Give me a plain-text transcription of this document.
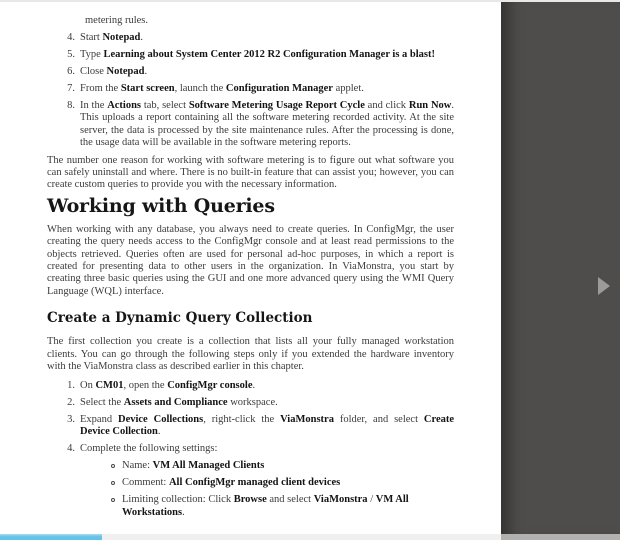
metering rules.
4. Start Notepad.
5. Type Learning about System Center 2012 R2 Configuration Manager is a blast!
6. Close Notepad.
7. From the Start screen, launch the Configuration Manager applet.
8. In the Actions tab, select Software Metering Usage Report Cycle and click Run Now. This uploads a report containing all the software metering recorded activity. At the site server, the data is processed by the site maintenance rules. After the processing is done, the usage data will be available in the software metering reports.

The number one reason for working with software metering is to figure out what software you can safely uninstall and where. There is no built-in feature that can assist you; however, you can create custom queries to provide you with the necessary information.

Working with Queries

When working with any database, you always need to create queries. In ConfigMgr, the user creating the query needs access to the ConfigMgr console and at least read permissions to the objects retrieved. Queries often are used for personal ad-hoc purposes, in which a report is created for presenting data to other users in the organization. In ViaMonstra, you start by creating three basic queries using the GUI and one more advanced query using the WMI Query Language (WQL) interface.

Create a Dynamic Query Collection

The first collection you create is a collection that lists all your fully managed workstation clients. You can go through the following steps only if you extended the hardware inventory with the ViaMonstra class as described earlier in this chapter.

1. On CM01, open the ConfigMgr console.
2. Select the Assets and Compliance workspace.
3. Expand Device Collections, right-click the ViaMonstra folder, and select Create Device Collection.
4. Complete the following settings:
Name: VM All Managed Clients
Comment: All ConfigMgr managed client devices
Limiting collection: Click Browse and select ViaMonstra / VM All Workstations.
